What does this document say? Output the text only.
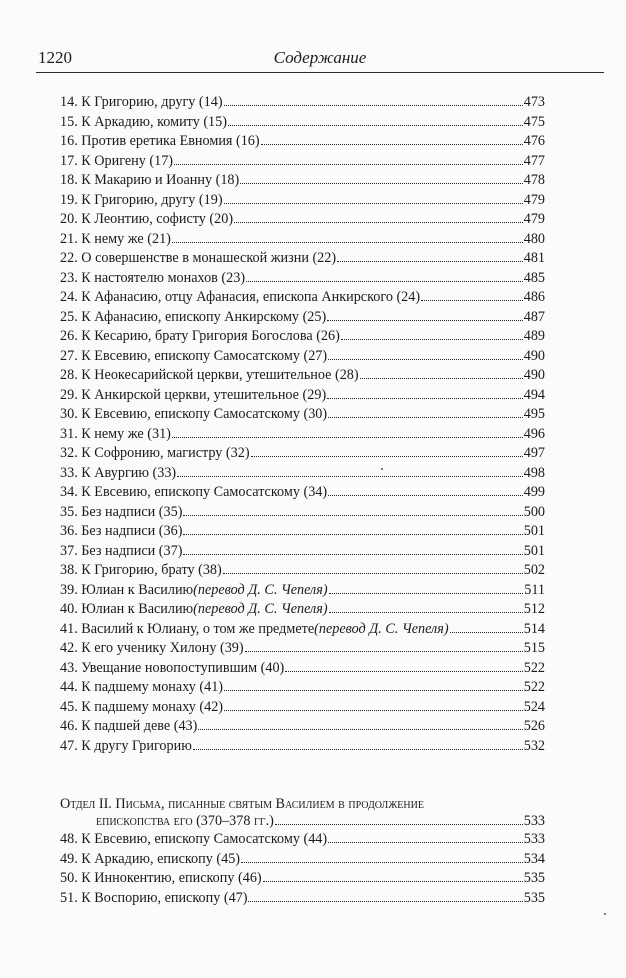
1220	Содержание
14. К Григорию, другу (14)	473
15. К Аркадию, комиту (15)	475
16. Против еретика Евномия (16)	476
17. К Оригену (17)	477
18. К Макарию и Иоанну (18)	478
19. К Григорию, другу (19)	479
20. К Леонтию, софисту (20)	479
21. К нему же (21)	480
22. О совершенстве в монашеской жизни (22)	481
23. К настоятелю монахов (23)	485
24. К Афанасию, отцу Афанасия, епископа Анкирского (24)	486
25. К Афанасию, епископу Анкирскому (25)	487
26. К Кесарию, брату Григория Богослова (26)	489
27. К Евсевию, епископу Самосатскому (27)	490
28. К Неокесарийской церкви, утешительное (28)	490
29. К Анкирской церкви, утешительное (29)	494
30. К Евсевию, епископу Самосатскому (30)	495
31. К нему же (31)	496
32. К Софронию, магистру (32)	497
33. К Авургию (33)	498
34. К Евсевию, епископу Самосатскому (34)	499
35. Без надписи (35)	500
36. Без надписи (36)	501
37. Без надписи (37)	501
38. К Григорию, брату (38)	502
39. Юлиан к Василию (перевод Д. С. Чепеля)	511
40. Юлиан к Василию (перевод Д. С. Чепеля)	512
41. Василий к Юлиану, о том же предмете (перевод Д. С. Чепеля)	514
42. К его ученику Хилону (39)	515
43. Увещание новопоступившим (40)	522
44. К падшему монаху (41)	522
45. К падшему монаху (42)	524
46. К падшей деве (43)	526
47. К другу Григорию	532
Отдел II. Письма, писанные святым Василием в продолжение
епископства его (370–378 гг.)	533
48. К Евсевию, епископу Самосатскому (44)	533
49. К Аркадию, епископу (45)	534
50. К Иннокентию, епископу (46)	535
51. К Воспорию, епископу (47)	535
